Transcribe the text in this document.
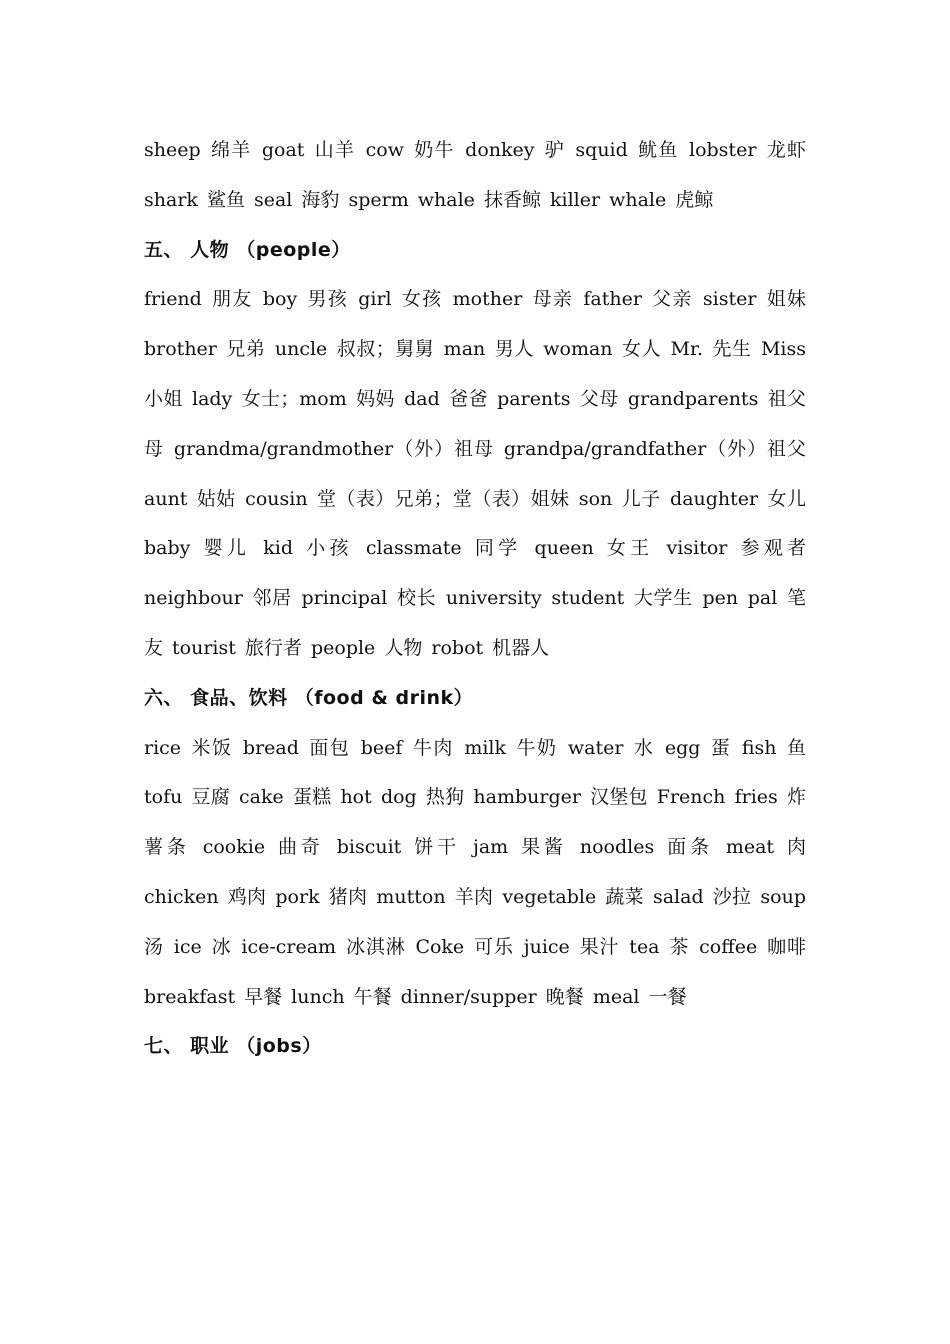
sheep 绵羊 goat 山羊 cow 奶牛 donkey 驴 squid 鱿鱼 lobster 龙虾 shark 鲨鱼 seal 海豹 sperm whale 抹香鲸 killer whale 虎鲸

五、 人物 （people）

friend 朋友 boy 男孩 girl 女孩 mother 母亲 father 父亲 sister 姐妹 brother 兄弟 uncle 叔叔；舅舅 man 男人 woman 女人 Mr. 先生 Miss 小姐 lady 女士；mom 妈妈 dad 爸爸 parents 父母 grandparents 祖父母 grandma/grandmother（外）祖母 grandpa/grandfather（外）祖父 aunt 姑姑 cousin 堂（表）兄弟；堂（表）姐妹 son 儿子 daughter 女儿 baby 婴儿 kid 小孩 classmate 同学 queen 女王 visitor 参观者 neighbour 邻居 principal 校长 university student 大学生 pen pal 笔友 tourist 旅行者 people 人物 robot 机器人

六、 食品、饮料 （food & drink）

rice 米饭 bread 面包 beef 牛肉 milk 牛奶 water 水 egg 蛋 fish 鱼 tofu 豆腐 cake 蛋糕 hot dog 热狗 hamburger 汉堡包 French fries 炸薯条 cookie 曲奇 biscuit 饼干 jam 果酱 noodles 面条 meat 肉 chicken 鸡肉 pork 猪肉 mutton 羊肉 vegetable 蔬菜 salad 沙拉 soup 汤 ice 冰 ice-cream 冰淇淋 Coke 可乐 juice 果汁 tea 茶 coffee 咖啡 breakfast 早餐 lunch 午餐 dinner/supper 晚餐 meal 一餐

七、 职业 （jobs）
